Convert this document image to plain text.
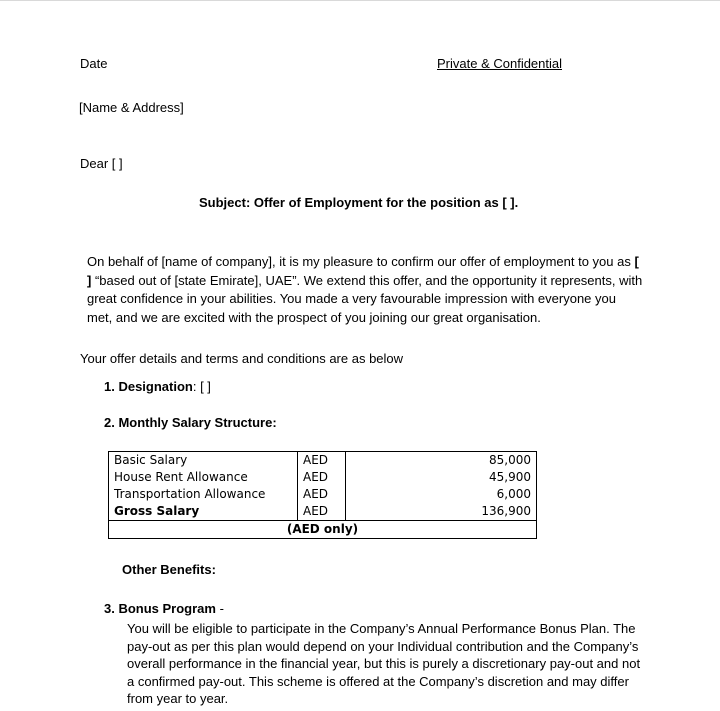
Date	Private & Confidential
[Name & Address]
Dear [ ]
Subject: Offer of Employment for the position as [ ].
On behalf of [name of company], it is my pleasure to confirm our offer of employment to you as [
] “based out of [state Emirate], UAE”. We extend this offer, and the opportunity it represents, with great confidence in your abilities. You made a very favourable impression with everyone you met, and we are excited with the prospect of you joining our great organisation.
Your offer details and terms and conditions are as below
1. Designation: [ ]
2. Monthly Salary Structure:
Basic Salary	AED	85,000
House Rent Allowance	AED	45,900
Transportation Allowance	AED	6,000
Gross Salary	AED	136,900
(AED only)		
Other Benefits:
3. Bonus Program -
You will be eligible to participate in the Company’s Annual Performance Bonus Plan. The pay-out as per this plan would depend on your Individual contribution and the Company’s overall performance in the financial year, but this is purely a discretionary pay-out and not a confirmed pay-out. This scheme is offered at the Company’s discretion and may differ from year to year.
